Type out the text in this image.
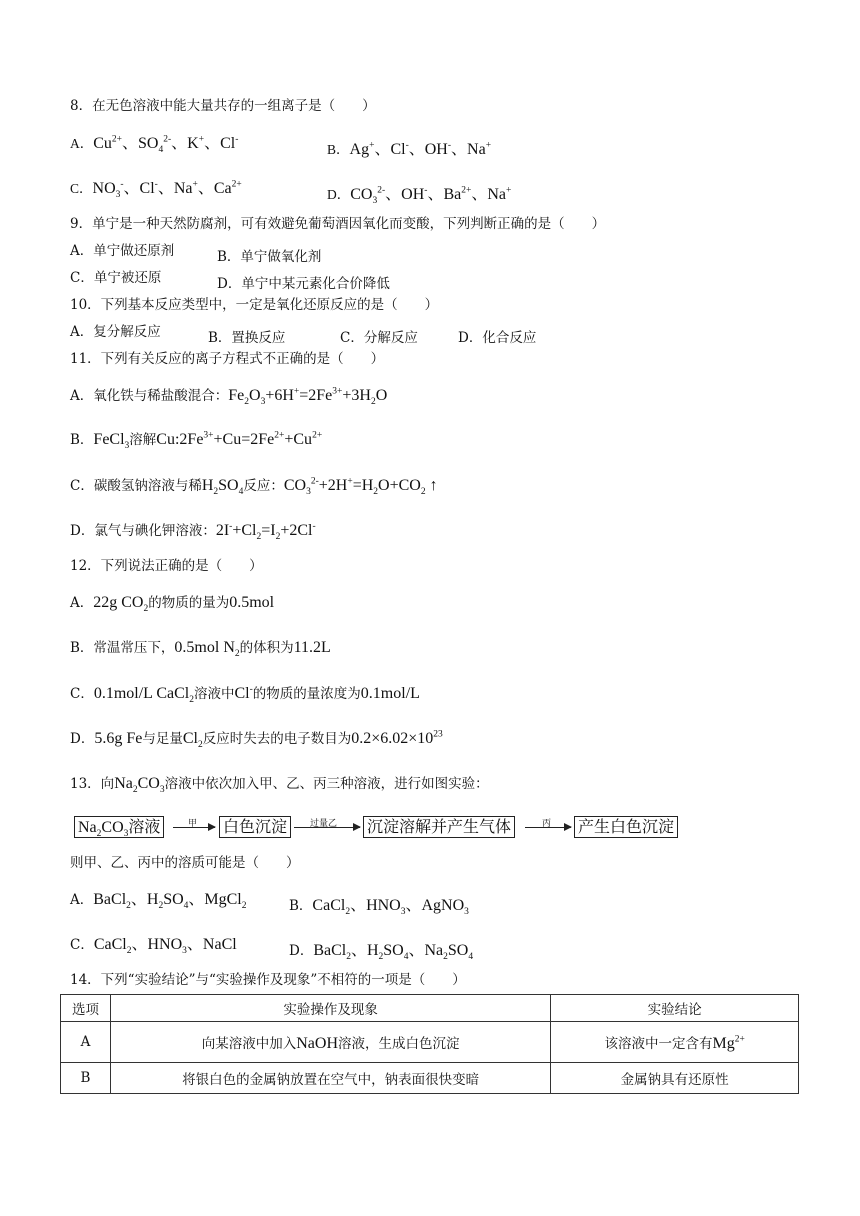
8．在无色溶液中能大量共存的一组离子是（　　）
A．$Cu^{2+}$、$SO_4^{2-}$、K+、Cl-
B．Ag+、Cl-、OH-、Na+
C．$NO_3^-$、Cl-、Na+、$Ca^{2+}$
D．$CO_3^{2-}$、OH-、$Ba^{2+}$、Na+
9．单宁是一种天然防腐剂，可有效避免葡萄酒因氧化而变酸，下列判断正确的是（　　）
A．单宁做还原剂	B．单宁做氧化剂
C．单宁被还原	D．单宁中某元素化合价降低
10．下列基本反应类型中，一定是氧化还原反应的是（　　）
A．复分解反应	B．置换反应	C．分解反应	D．化合反应
11．下列有关反应的离子方程式不正确的是（　　）
A．氧化铁与稀盐酸混合：$Fe_2O_3+6H^+=2Fe^{3+}+3H_2O$
B．FeCl$_3$溶解$Cu:2Fe^{3+}+Cu=2Fe^{2+}+Cu^{2+}$
C．碳酸氢钠溶液与稀$H_2SO_4$反应：$CO_3^{2-}+2H^+=H_2O+CO_2$ ↑
D．氯气与碘化钾溶液：$2I^-+Cl_2=I_2+2Cl^-$
12．下列说法正确的是（　　）
A．22g $CO_2$的物质的量为0.5mol
B．常温常压下，0.5mol $N_2$的体积为11.2L
C．0.1mol/L CaCl$_2$溶液中Cl-的物质的量浓度为0.1mol/L
D．5.6g Fe与足量$Cl_2$反应时失去的电子数目为$0.2\times 6.02\times 10^{23}$
13．向$Na_2CO_3$溶液中依次加入甲、乙、丙三种溶液，进行如图实验：
$Na_2CO_3$溶液	甲 白色沉淀	过量乙 沉淀溶解并产生气体	丙 产生白色沉淀
则甲、乙、丙中的溶质可能是（　　）
A．BaCl$_2$、$H_2SO_4$、MgCl$_2$	B．CaCl$_2$、$HNO_3$、AgNO$_3$
C．CaCl$_2$、$HNO_3$、NaCl	D．BaCl$_2$、$H_2SO_4$、$Na_2SO_4$
14．下列“实验结论”与“实验操作及现象”不相符的一项是（　　）
选项	实验操作及现象	实验结论
A	向某溶液中加入NaOH溶液，生成白色沉淀	该溶液中一定含有$Mg^{2+}$
B	将银白色的金属钠放置在空气中，钠表面很快变暗	金属钠具有还原性
